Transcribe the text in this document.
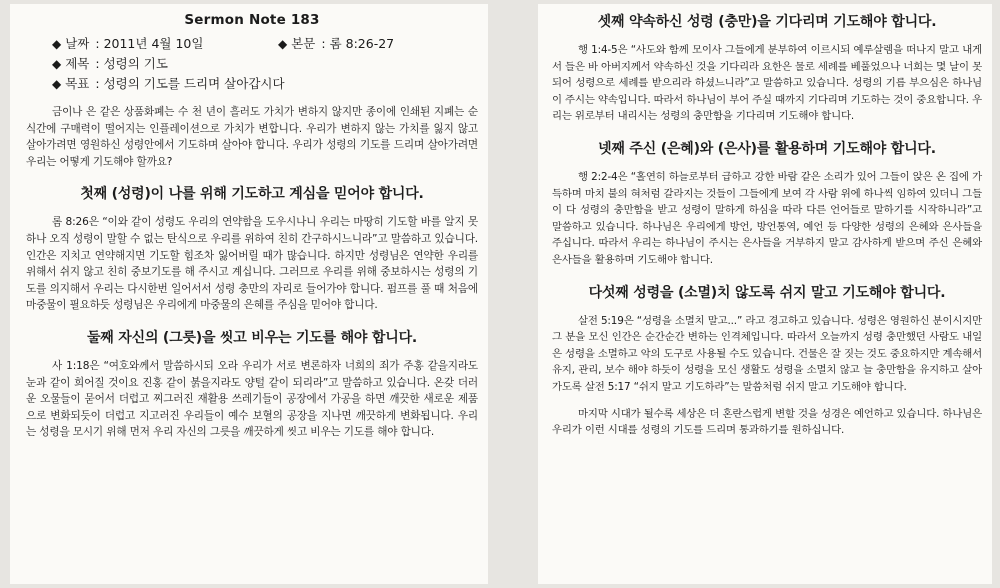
Sermon Note 183
◆ 날짜 : 2011년 4월 10일	◆ 본문 : 롬 8:26-27
◆ 제목 : 성령의 기도
◆ 목표 : 성령의 기도를 드리며 살아갑시다

금이나 은 같은 상품화폐는 수 천 년이 흘러도 가치가 변하지 않지만 종이에 인쇄된 지폐는 순식간에 구매력이 떨어지는 인플레이션으로 가치가 변합니다. 우리가 변하지 않는 가치를 잃지 않고 살아가려면 영원하신 성령안에서 기도하며 살아야 합니다. 우리가 성령의 기도를 드리며 살아가려면 우리는 어떻게 기도해야 할까요?

첫째 (성령)이 나를 위해 기도하고 계심을 믿어야 합니다.

롬 8:26은 “이와 같이 성령도 우리의 연약함을 도우시나니 우리는 마땅히 기도할 바를 알지 못하나 오직 성령이 말할 수 없는 탄식으로 우리를 위하여 친히 간구하시느니라”고 말씀하고 있습니다. 인간은 지치고 연약해지면 기도할 힘조차 잃어버릴 때가 많습니다. 하지만 성령님은 연약한 우리를 위해서 쉬지 않고 친히 중보기도를 해 주시고 계십니다. 그러므로 우리를 위해 중보하시는 성령의 기도를 의지해서 우리는 다시한번 일어서서 성령 충만의 자리로 들어가야 합니다. 펌프를 풀 때 처음에 마중물이 필요하듯 성령님은 우리에게 마중물의 은혜를 주심을 믿어야 합니다.

둘째 자신의 (그릇)을 씻고 비우는 기도를 해야 합니다.

사 1:18은 “여호와께서 말씀하시되 오라 우리가 서로 변론하자 너희의 죄가 주홍 같을지라도 눈과 같이 희어질 것이요 진홍 같이 붉을지라도 양털 같이 되리라”고 말씀하고 있습니다. 온갖 더러운 오물들이 묻어서 더럽고 찌그러진 재활용 쓰레기들이 공장에서 가공을 하면 깨끗한 새로운 제품으로 변화되듯이 더럽고 지고러진 우리들이 예수 보혈의 공장을 지나면 깨끗하게 변화됩니다. 우리는 성령을 모시기 위해 먼저 우리 자신의 그릇을 깨끗하게 씻고 비우는 기도를 해야 합니다.

셋째 약속하신 성령 (충만)을 기다리며 기도해야 합니다.

행 1:4-5은 “사도와 함께 모이사 그들에게 분부하여 이르시되 예루살렘을 떠나지 말고 내게서 들은 바 아버지께서 약속하신 것을 기다리라 요한은 물로 세례를 베풀었으나 너희는 몇 날이 못되어 성령으로 세례를 받으리라 하셨느니라”고 말씀하고 있습니다. 성령의 기름 부으심은 하나님이 주시는 약속입니다. 따라서 하나님이 부어 주실 때까지 기다리며 기도하는 것이 중요합니다. 우리는 위로부터 내리시는 성령의 충만함을 기다리며 기도해야 합니다.

넷째 주신 (은혜)와 (은사)를 활용하며 기도해야 합니다.

행 2:2-4은 “홀연히 하늘로부터 급하고 강한 바람 같은 소리가 있어 그들이 앉은 온 집에 가득하며 마치 불의 혀처럼 갈라지는 것들이 그들에게 보여 각 사람 위에 하나씩 임하여 있더니 그들이 다 성령의 충만함을 받고 성령이 말하게 하심을 따라 다른 언어들로 말하기를 시작하니라”고 말씀하고 있습니다. 하나님은 우리에게 방언, 방언통역, 예언 등 다양한 성령의 은혜와 은사들을 주십니다. 따라서 우리는 하나님이 주시는 은사들을 거부하지 말고 감사하게 받으며 주신 은혜와 은사들을 활용하며 기도해야 합니다.

다섯째 성령을 (소멸)치 않도록 쉬지 말고 기도해야 합니다.

살전 5:19은 “성령을 소멸치 말고...” 라고 경고하고 있습니다. 성령은 영원하신 분이시지만 그 분을 모신 인간은 순간순간 변하는 인격체입니다. 따라서 오늘까지 성령 충만했던 사람도 내일은 성령을 소멸하고 악의 도구로 사용될 수도 있습니다. 건물은 잘 짓는 것도 중요하지만 계속해서 유지, 관리, 보수 해야 하듯이 성령을 모신 생활도 성령을 소멸치 않고 늘 충만함을 유지하고 살아가도록 살전 5:17 “쉬지 말고 기도하라”는 말씀처럼 쉬지 말고 기도해야 합니다.

마지막 시대가 될수록 세상은 더 혼란스럽게 변할 것을 성경은 예언하고 있습니다. 하나님은 우리가 이런 시대를 성령의 기도를 드리며 통과하기를 원하십니다.
